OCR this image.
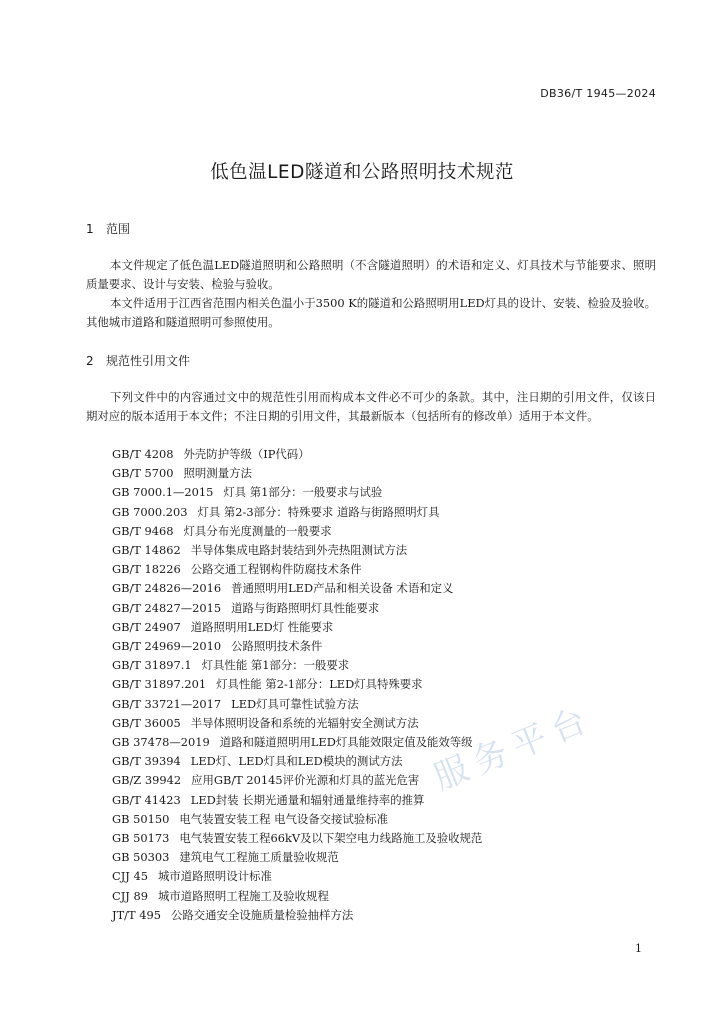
DB36/T 1945—2024
低色温LED隧道和公路照明技术规范
1 范围

本文件规定了低色温LED隧道照明和公路照明（不含隧道照明）的术语和定义、灯具技术与节能要求、照明质量要求、设计与安装、检验与验收。

本文件适用于江西省范围内相关色温小于3500 K的隧道和公路照明用LED灯具的设计、安装、检验及验收。其他城市道路和隧道照明可参照使用。

2 规范性引用文件

下列文件中的内容通过文中的规范性引用而构成本文件必不可少的条款。其中，注日期的引用文件，仅该日期对应的版本适用于本文件；不注日期的引用文件，其最新版本（包括所有的修改单）适用于本文件。

GB/T 4208 外壳防护等级（IP代码）
GB/T 5700 照明测量方法
GB 7000.1—2015 灯具 第1部分：一般要求与试验
GB 7000.203 灯具 第2-3部分：特殊要求 道路与街路照明灯具
GB/T 9468 灯具分布光度测量的一般要求
GB/T 14862 半导体集成电路封装结到外壳热阻测试方法
GB/T 18226 公路交通工程钢构件防腐技术条件
GB/T 24826—2016 普通照明用LED产品和相关设备 术语和定义
GB/T 24827—2015 道路与街路照明灯具性能要求
GB/T 24907 道路照明用LED灯 性能要求
GB/T 24969—2010 公路照明技术条件
GB/T 31897.1 灯具性能 第1部分：一般要求
GB/T 31897.201 灯具性能 第2-1部分：LED灯具特殊要求
GB/T 33721—2017 LED灯具可靠性试验方法
GB/T 36005 半导体照明设备和系统的光辐射安全测试方法
GB 37478—2019 道路和隧道照明用LED灯具能效限定值及能效等级
GB/T 39394 LED灯、LED灯具和LED模块的测试方法
GB/Z 39942 应用GB/T 20145评价光源和灯具的蓝光危害
GB/T 41423 LED封装 长期光通量和辐射通量维持率的推算
GB 50150 电气装置安装工程 电气设备交接试验标准
GB 50173 电气装置安装工程66kV及以下架空电力线路施工及验收规范
GB 50303 建筑电气工程施工质量验收规范
CJJ 45 城市道路照明设计标准
CJJ 89 城市道路照明工程施工及验收规程
JT/T 495 公路交通安全设施质量检验抽样方法
服务平台
1
